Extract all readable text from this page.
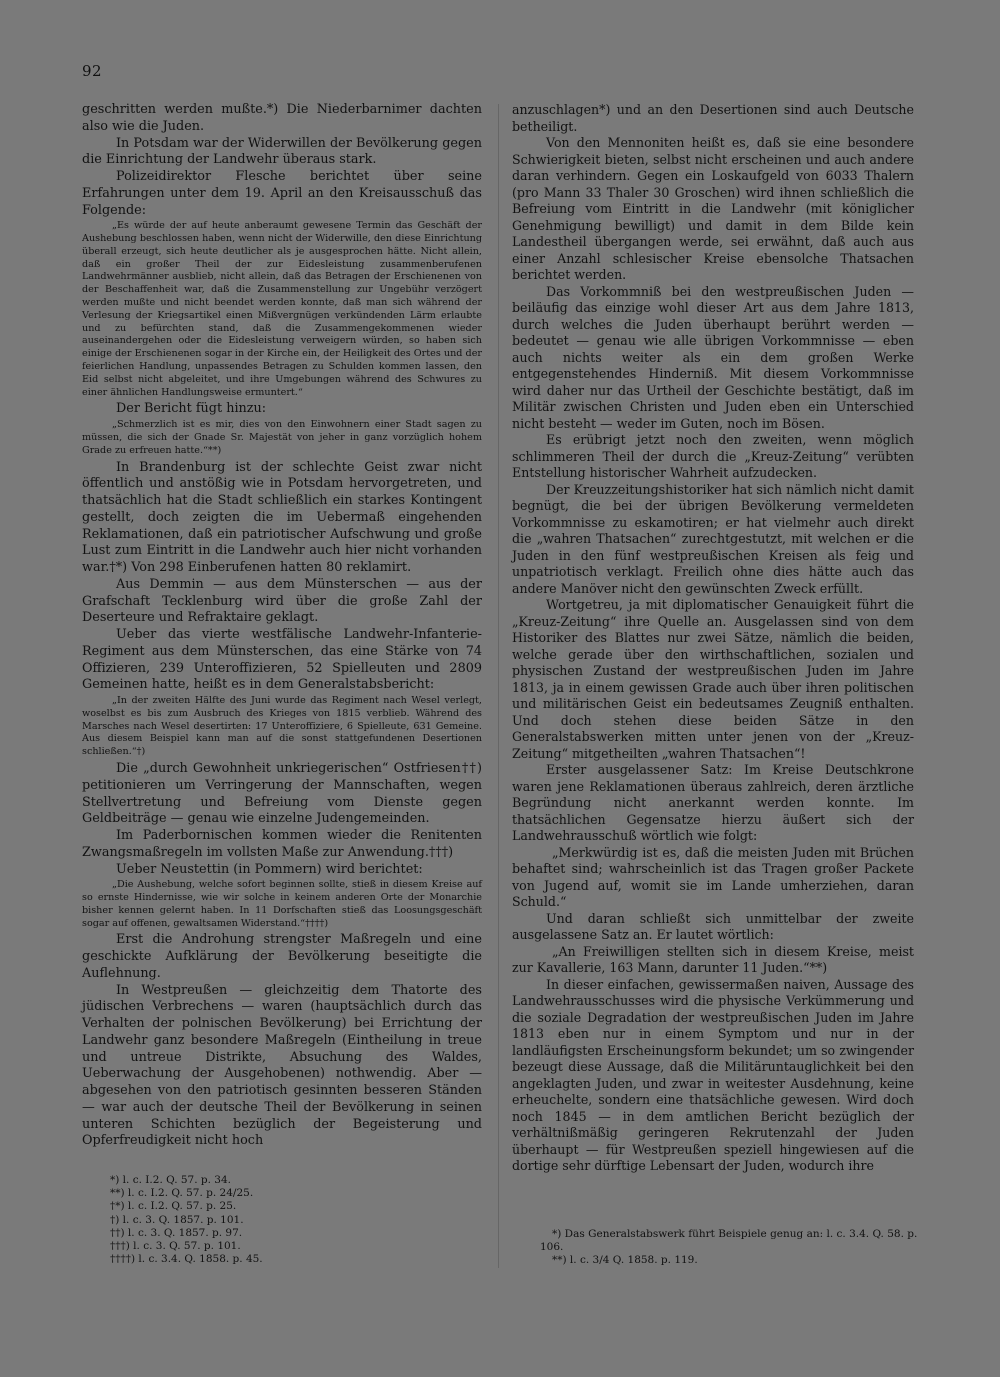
92

geschritten werden mußte.*) Die Niederbarnimer dachten also wie die Juden.

In Potsdam war der Widerwillen der Bevölkerung gegen die Einrichtung der Landwehr überaus stark.

Polizeidirektor Flesche berichtet über seine Erfahrungen unter dem 19. April an den Kreisausschuß das Folgende:

„Es würde der auf heute anberaumt gewesene Termin das Geschäft der Aushebung beschlossen haben, wenn nicht der Widerwille, den diese Einrichtung überall erzeugt, sich heute deutlicher als je ausgesprochen hätte. Nicht allein, daß ein großer Theil der zur Eidesleistung zusammenberufenen Landwehrmänner ausblieb, nicht allein, daß das Betragen der Erschienenen von der Beschaffenheit war, daß die Zusammenstellung zur Ungebühr verzögert werden mußte und nicht beendet werden konnte, daß man sich während der Verlesung der Kriegsartikel einen Mißvergnügen verkündenden Lärm erlaubte und zu befürchten stand, daß die Zusammengekommenen wieder auseinandergehen oder die Eidesleistung verweigern würden, so haben sich einige der Erschienenen sogar in der Kirche ein, der Heiligkeit des Ortes und der feierlichen Handlung, unpassendes Betragen zu Schulden kommen lassen, den Eid selbst nicht abgeleitet, und ihre Umgebungen während des Schwures zu einer ähnlichen Handlungsweise ermuntert.“

Der Bericht fügt hinzu:

„Schmerzlich ist es mir, dies von den Einwohnern einer Stadt sagen zu müssen, die sich der Gnade Sr. Majestät von jeher in ganz vorzüglich hohem Grade zu erfreuen hatte.“**)

In Brandenburg ist der schlechte Geist zwar nicht öffentlich und anstößig wie in Potsdam hervorgetreten, und thatsächlich hat die Stadt schließlich ein starkes Kontingent gestellt, doch zeigten die im Uebermaß eingehenden Reklamationen, daß ein patriotischer Aufschwung und große Lust zum Eintritt in die Landwehr auch hier nicht vorhanden war.†*) Von 298 Einberufenen hatten 80 reklamirt.

Aus Demmin — aus dem Münsterschen — aus der Grafschaft Tecklenburg wird über die große Zahl der Deserteure und Refraktaire geklagt.

Ueber das vierte westfälische Landwehr-Infanterie-Regiment aus dem Münsterschen, das eine Stärke von 74 Offizieren, 239 Unteroffizieren, 52 Spielleuten und 2809 Gemeinen hatte, heißt es in dem Generalstabsbericht:

„In der zweiten Hälfte des Juni wurde das Regiment nach Wesel verlegt, woselbst es bis zum Ausbruch des Krieges von 1815 verblieb. Während des Marsches nach Wesel desertirten: 17 Unteroffiziere, 6 Spielleute, 631 Gemeine. Aus diesem Beispiel kann man auf die sonst stattgefundenen Desertionen schließen.“†)

Die „durch Gewohnheit unkriegerischen“ Ostfriesen††) petitionieren um Verringerung der Mannschaften, wegen Stellvertretung und Befreiung vom Dienste gegen Geldbeiträge — genau wie einzelne Judengemeinden.

Im Paderbornischen kommen wieder die Renitenten Zwangsmaßregeln im vollsten Maße zur Anwendung.†††)

Ueber Neustettin (in Pommern) wird berichtet:

„Die Aushebung, welche sofort beginnen sollte, stieß in diesem Kreise auf so ernste Hindernisse, wie wir solche in keinem anderen Orte der Monarchie bisher kennen gelernt haben. In 11 Dorfschaften stieß das Loosungsgeschäft sogar auf offenen, gewaltsamen Widerstand.“††††)

Erst die Androhung strengster Maßregeln und eine geschickte Aufklärung der Bevölkerung beseitigte die Auflehnung.

In Westpreußen — gleichzeitig dem Thatorte des jüdischen Verbrechens — waren (hauptsächlich durch das Verhalten der polnischen Bevölkerung) bei Errichtung der Landwehr ganz besondere Maßregeln (Eintheilung in treue und untreue Distrikte, Absuchung des Waldes, Ueberwachung der Ausgehobenen) nothwendig. Aber — abgesehen von den patriotisch gesinnten besseren Ständen — war auch der deutsche Theil der Bevölkerung in seinen unteren Schichten bezüglich der Begeisterung und Opferfreudigkeit nicht hoch

*) l. c. I.2. Q. 57. p. 34.
**) l. c. I.2. Q. 57. p. 24/25.
†*) l. c. I.2. Q. 57. p. 25.
†) l. c. 3. Q. 1857. p. 101.
††) l. c. 3. Q. 1857. p. 97.
†††) l. c. 3. Q. 57. p. 101.
††††) l. c. 3.4. Q. 1858. p. 45.

anzuschlagen*) und an den Desertionen sind auch Deutsche betheiligt.

Von den Mennoniten heißt es, daß sie eine besondere Schwierigkeit bieten, selbst nicht erscheinen und auch andere daran verhindern. Gegen ein Loskaufgeld von 6033 Thalern (pro Mann 33 Thaler 30 Groschen) wird ihnen schließlich die Befreiung vom Eintritt in die Landwehr (mit königlicher Genehmigung bewilligt) und damit in dem Bilde kein Landestheil übergangen werde, sei erwähnt, daß auch aus einer Anzahl schlesischer Kreise ebensolche Thatsachen berichtet werden.

Das Vorkommniß bei den westpreußischen Juden — beiläufig das einzige wohl dieser Art aus dem Jahre 1813, durch welches die Juden überhaupt berührt werden — bedeutet — genau wie alle übrigen Vorkommnisse — eben auch nichts weiter als ein dem großen Werke entgegenstehendes Hinderniß. Mit diesem Vorkommnisse wird daher nur das Urtheil der Geschichte bestätigt, daß im Militär zwischen Christen und Juden eben ein Unterschied nicht besteht — weder im Guten, noch im Bösen.

Es erübrigt jetzt noch den zweiten, wenn möglich schlimmeren Theil der durch die „Kreuz-Zeitung“ verübten Entstellung historischer Wahrheit aufzudecken.

Der Kreuzzeitungshistoriker hat sich nämlich nicht damit begnügt, die bei der übrigen Bevölkerung vermeldeten Vorkommnisse zu eskamotiren; er hat vielmehr auch direkt die „wahren Thatsachen“ zurechtgestutzt, mit welchen er die Juden in den fünf westpreußischen Kreisen als feig und unpatriotisch verklagt. Freilich ohne dies hätte auch das andere Manöver nicht den gewünschten Zweck erfüllt.

Wortgetreu, ja mit diplomatischer Genauigkeit führt die „Kreuz-Zeitung“ ihre Quelle an. Ausgelassen sind von dem Historiker des Blattes nur zwei Sätze, nämlich die beiden, welche gerade über den wirthschaftlichen, sozialen und physischen Zustand der westpreußischen Juden im Jahre 1813, ja in einem gewissen Grade auch über ihren politischen und militärischen Geist ein bedeutsames Zeugniß enthalten. Und doch stehen diese beiden Sätze in den Generalstabswerken mitten unter jenen von der „Kreuz-Zeitung“ mitgetheilten „wahren Thatsachen“!

Erster ausgelassener Satz: Im Kreise Deutschkrone waren jene Reklamationen überaus zahlreich, deren ärztliche Begründung nicht anerkannt werden konnte. Im thatsächlichen Gegensatze hierzu äußert sich der Landwehrausschuß wörtlich wie folgt:

„Merkwürdig ist es, daß die meisten Juden mit Brüchen behaftet sind; wahrscheinlich ist das Tragen großer Packete von Jugend auf, womit sie im Lande umherziehen, daran Schuld.“

Und daran schließt sich unmittelbar der zweite ausgelassene Satz an. Er lautet wörtlich:

„An Freiwilligen stellten sich in diesem Kreise, meist zur Kavallerie, 163 Mann, darunter 11 Juden.“**)

In dieser einfachen, gewissermaßen naiven, Aussage des Landwehrausschusses wird die physische Verkümmerung und die soziale Degradation der westpreußischen Juden im Jahre 1813 eben nur in einem Symptom und nur in der landläufigsten Erscheinungsform bekundet; um so zwingender bezeugt diese Aussage, daß die Militäruntauglichkeit bei den angeklagten Juden, und zwar in weitester Ausdehnung, keine erheuchelte, sondern eine thatsächliche gewesen. Wird doch noch 1845 — in dem amtlichen Bericht bezüglich der verhältnißmäßig geringeren Rekrutenzahl der Juden überhaupt — für Westpreußen speziell hingewiesen auf die dortige sehr dürftige Lebensart der Juden, wodurch ihre

*) Das Generalstabswerk führt Beispiele genug an: l. c. 3.4. Q. 58. p. 106.
**) l. c. 3/4 Q. 1858. p. 119.
